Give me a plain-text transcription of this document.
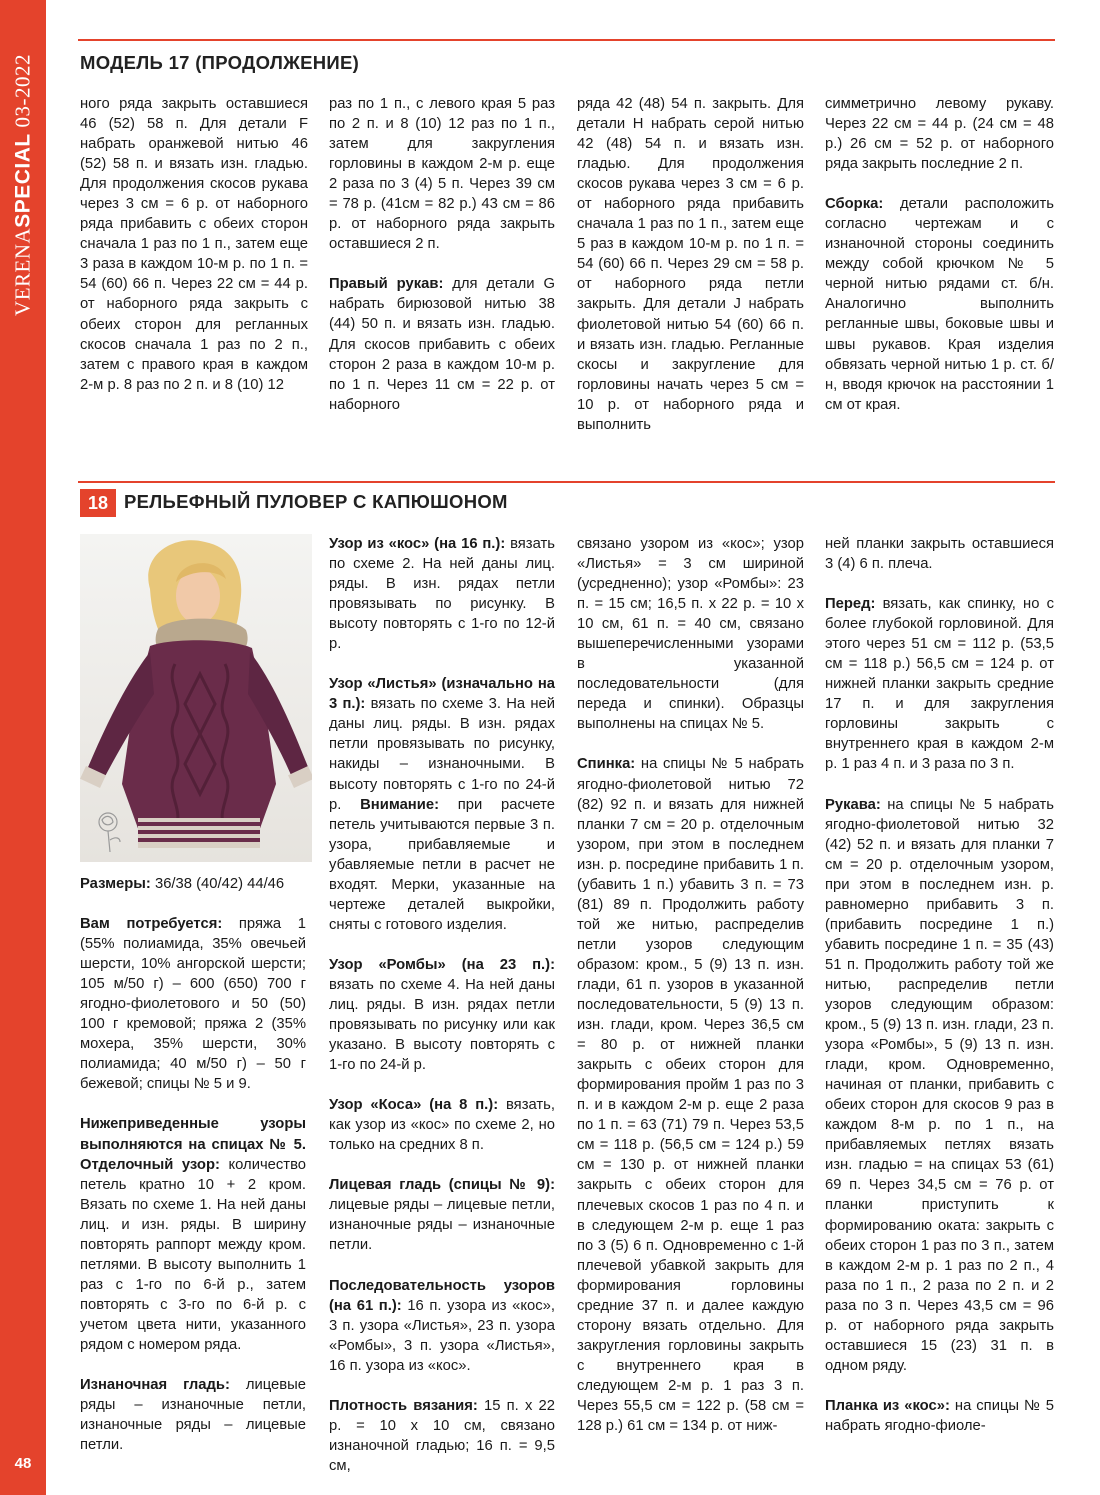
VERENASPECIAL 03-2022
48
МОДЕЛЬ 17 (ПРОДОЛЖЕНИЕ)

ного ряда закрыть оставшиеся 46 (52) 58 п. Для детали F набрать оранжевой нитью 46 (52) 58 п. и вязать изн. гладью. Для продолжения скосов рукава через 3 см = 6 р. от наборного ряда прибавить с обеих сторон сначала 1 раз по 1 п., затем еще 3 раза в каждом 10-м р. по 1 п. = 54 (60) 66 п. Через 22 см = 44 р. от наборного ряда закрыть с обеих сторон для регланных скосов сначала 1 раз по 2 п., затем с правого края в каждом 2-м р. 8 раз по 2 п. и 8 (10) 12

раз по 1 п., с левого края 5 раз по 2 п. и 8 (10) 12 раз по 1 п., затем для закругления горловины в каждом 2-м р. еще 2 раза по 3 (4) 5 п. Через 39 см = 78 р. (41см = 82 р.) 43 см = 86 р. от наборного ряда закрыть оставшиеся 2 п.

Правый рукав: для детали G набрать бирюзовой нитью 38 (44) 50 п. и вязать изн. гладью. Для скосов прибавить с обеих сторон 2 раза в каждом 10-м р. по 1 п. Через 11 см = 22 р. от наборного

ряда 42 (48) 54 п. закрыть. Для детали H набрать серой нитью 42 (48) 54 п. и вязать изн. гладью. Для продолжения скосов рукава через 3 см = 6 р. от наборного ряда прибавить сначала 1 раз по 1 п., затем еще 5 раз в каждом 10-м р. по 1 п. = 54 (60) 66 п. Через 29 см = 58 р. от наборного ряда петли закрыть. Для детали J набрать фиолетовой нитью 54 (60) 66 п. и вязать изн. гладью. Регланные скосы и закругление для горловины начать через 5 см = 10 р. от наборного ряда и выполнить

симметрично левому рукаву. Через 22 см = 44 р. (24 см = 48 р.) 26 см = 52 р. от наборного ряда закрыть последние 2 п.

Сборка: детали расположить согласно чертежам и с изнаночной стороны соединить между собой крючком № 5 черной нитью рядами ст. б/н. Аналогично выполнить регланные швы, боковые швы и швы рукавов. Края изделия обвязать черной нитью 1 р. ст. б/н, вводя крючок на расстоянии 1 см от края.

18 РЕЛЬЕФНЫЙ ПУЛОВЕР С КАПЮШОНОМ

Размеры: 36/38 (40/42) 44/46

Вам потребуется: пряжа 1 (55% полиамида, 35% овечьей шерсти, 10% ангорской шерсти; 105 м/50 г) – 600 (650) 700 г ягодно-фиолетового и 50 (50) 100 г кремовой; пряжа 2 (35% мохера, 35% шерсти, 30% полиамида; 40 м/50 г) – 50 г бежевой; спицы № 5 и 9.

Нижеприведенные узоры выполняются на спицах № 5. Отделочный узор: количество петель кратно 10 + 2 кром. Вязать по схеме 1. На ней даны лиц. и изн. ряды. В ширину повторять раппорт между кром. петлями. В высоту выполнить 1 раз с 1-го по 6-й р., затем повторять с 3-го по 6-й р. с учетом цвета нити, указанного рядом с номером ряда.

Изнаночная гладь: лицевые ряды – изнаночные петли, изнаночные ряды – лицевые петли.

Узор из «кос» (на 16 п.): вязать по схеме 2. На ней даны лиц. ряды. В изн. рядах петли провязывать по рисунку. В высоту повторять с 1-го по 12-й р.

Узор «Листья» (изначально на 3 п.): вязать по схеме 3. На ней даны лиц. ряды. В изн. рядах петли провязывать по рисунку, накиды – изнаночными. В высоту повторять с 1-го по 24-й р. Внимание: при расчете петель учитываются первые 3 п. узора, прибавляемые и убавляемые петли в расчет не входят. Мерки, указанные на чертеже деталей выкройки, сняты с готового изделия.

Узор «Ромбы» (на 23 п.): вязать по схеме 4. На ней даны лиц. ряды. В изн. рядах петли провязывать по рисунку или как указано. В высоту повторять с 1-го по 24-й р.

Узор «Коса» (на 8 п.): вязать, как узор из «кос» по схеме 2, но только на средних 8 п.

Лицевая гладь (спицы № 9): лицевые ряды – лицевые петли, изнаночные ряды – изнаночные петли.

Последовательность узоров (на 61 п.): 16 п. узора из «кос», 3 п. узора «Листья», 23 п. узора «Ромбы», 3 п. узора «Листья», 16 п. узора из «кос».

Плотность вязания: 15 п. х 22 р. = 10 х 10 см, связано изнаночной гладью; 16 п. = 9,5 см,

связано узором из «кос»; узор «Листья» = 3 см шириной (усредненно); узор «Ромбы»: 23 п. = 15 см; 16,5 п. х 22 р. = 10 х 10 см, 61 п. = 40 см, связано вышеперечисленными узорами в указанной последовательности (для переда и спинки). Образцы выполнены на спицах № 5.

Спинка: на спицы № 5 набрать ягодно-фиолетовой нитью 72 (82) 92 п. и вязать для нижней планки 7 см = 20 р. отделочным узором, при этом в последнем изн. р. посредине прибавить 1 п. (убавить 1 п.) убавить 3 п. = 73 (81) 89 п. Продолжить работу той же нитью, распределив петли узоров следующим образом: кром., 5 (9) 13 п. изн. глади, 61 п. узоров в указанной последовательности, 5 (9) 13 п. изн. глади, кром. Через 36,5 см = 80 р. от нижней планки закрыть с обеих сторон для формирования пройм 1 раз по 3 п. и в каждом 2-м р. еще 2 раза по 1 п. = 63 (71) 79 п. Через 53,5 см = 118 р. (56,5 см = 124 р.) 59 см = 130 р. от нижней планки закрыть с обеих сторон для плечевых скосов 1 раз по 4 п. и в следующем 2-м р. еще 1 раз по 3 (5) 6 п. Одновременно с 1-й плечевой убавкой закрыть для формирования горловины средние 37 п. и далее каждую сторону вязать отдельно. Для закругления горловины закрыть с внутреннего края в следующем 2-м р. 1 раз 3 п. Через 55,5 см = 122 р. (58 см = 128 р.) 61 см = 134 р. от ниж-

ней планки закрыть оставшиеся 3 (4) 6 п. плеча.

Перед: вязать, как спинку, но с более глубокой горловиной. Для этого через 51 см = 112 р. (53,5 см = 118 р.) 56,5 см = 124 р. от нижней планки закрыть средние 17 п. и для закругления горловины закрыть с внутреннего края в каждом 2-м р. 1 раз 4 п. и 3 раза по 3 п.

Рукава: на спицы № 5 набрать ягодно-фиолетовой нитью 32 (42) 52 п. и вязать для планки 7 см = 20 р. отделочным узором, при этом в последнем изн. р. равномерно прибавить 3 п. (прибавить посредине 1 п.) убавить посредине 1 п. = 35 (43) 51 п. Продолжить работу той же нитью, распределив петли узоров следующим образом: кром., 5 (9) 13 п. изн. глади, 23 п. узора «Ромбы», 5 (9) 13 п. изн. глади, кром. Одновременно, начиная от планки, прибавить с обеих сторон для скосов 9 раз в каждом 8-м р. по 1 п., на прибавляемых петлях вязать изн. гладью = на спицах 53 (61) 69 п. Через 34,5 см = 76 р. от планки приступить к формированию оката: закрыть с обеих сторон 1 раз по 3 п., затем в каждом 2-м р. 1 раз по 2 п., 4 раза по 1 п., 2 раза по 2 п. и 2 раза по 3 п. Через 43,5 см = 96 р. от наборного ряда закрыть оставшиеся 15 (23) 31 п. в одном ряду.

Планка из «кос»: на спицы № 5 набрать ягодно-фиоле-
